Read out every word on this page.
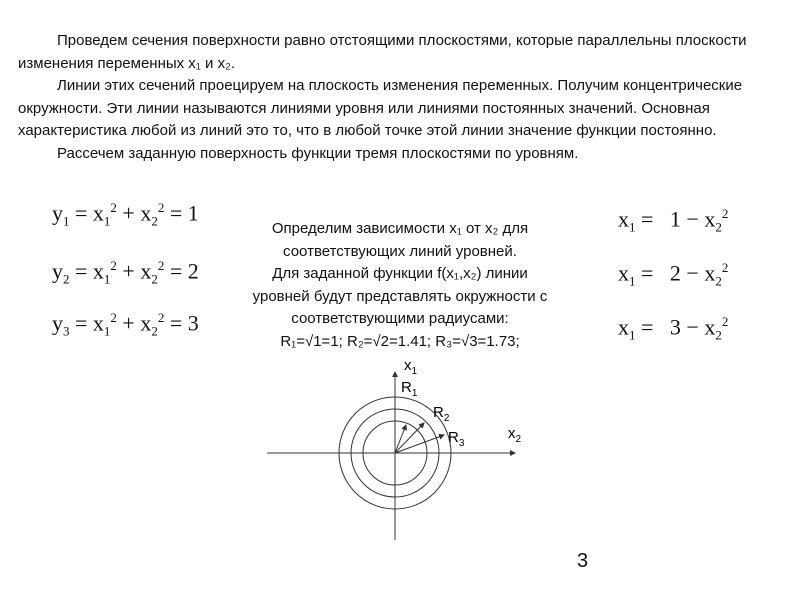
Проведем сечения поверхности равно отстоящими плоскостями, которые параллельны плоскости изменения переменных x₁ и x₂.

Линии этих сечений проецируем на плоскость изменения переменных. Получим концентрические окружности. Эти линии называются линиями уровня или линиями постоянных значений. Основная характеристика любой из линий это то, что в любой точке этой линии значение функции постоянно.

Рассечем заданную поверхность функции тремя плоскостями по уровням.

$y_1 = x_1^2 + x_2^2 = 1$
$y_2 = x_1^2 + x_2^2 = 2$
$y_3 = x_1^2 + x_2^2 = 3$
$x_1 = 1 - x_2^2$
$x_1 = 2 - x_2^2$
$x_1 = 3 - x_2^2$
Определим зависимости x₁ от x₂ для
соответствующих линий уровней.
Для заданной функции f(x₁,x₂) линии
уровней будут представлять окружности с
соответствующими радиусами:
R₁=√1=1; R₂=√2=1.41; R₃=√3=1.73;
$x_1$
$x_2$
$R_1$
$R_2$
$R_3$
3
